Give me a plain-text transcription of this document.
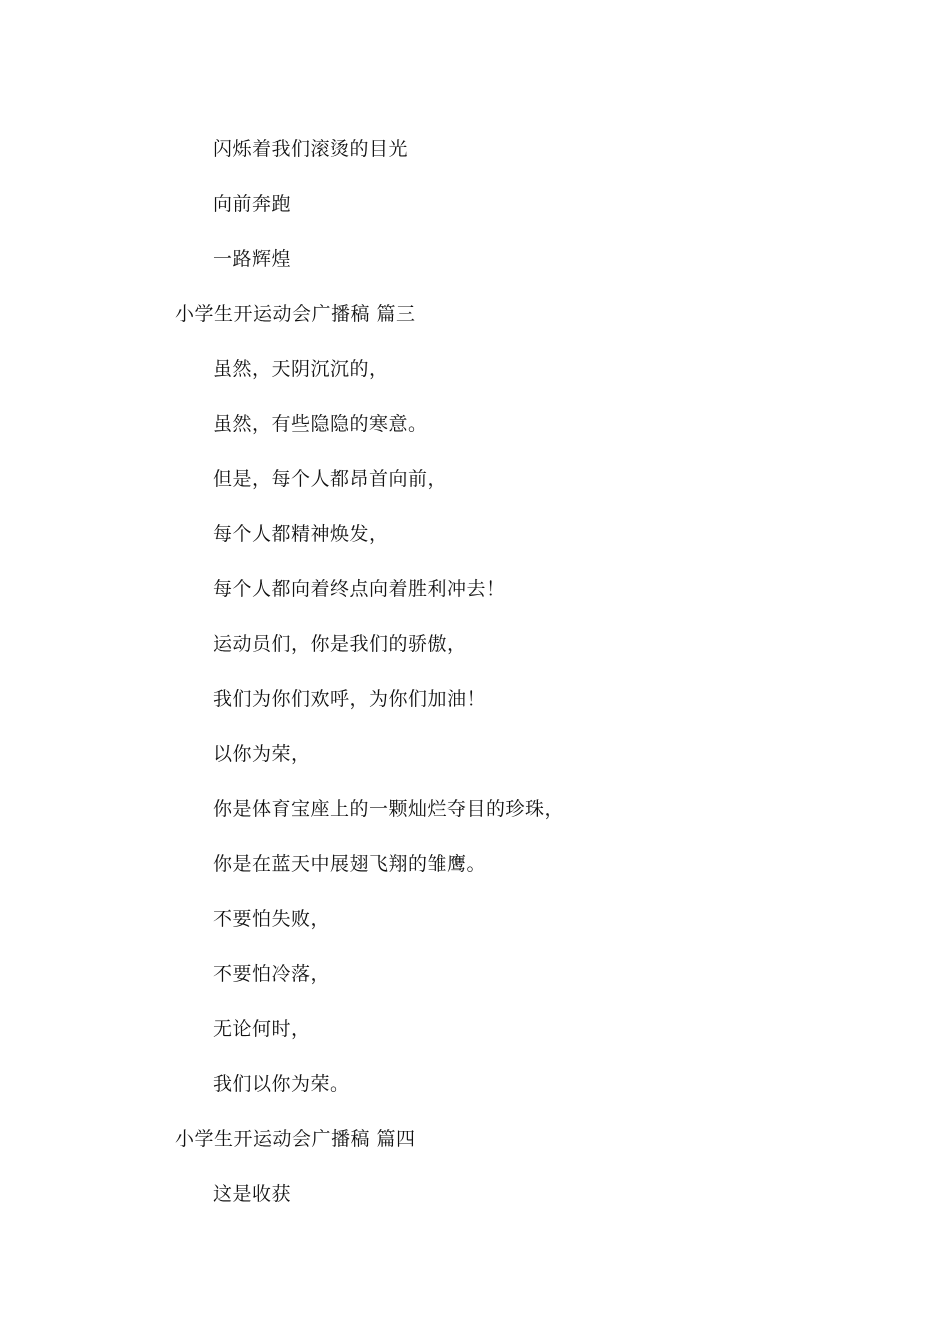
闪烁着我们滚烫的目光
向前奔跑
一路辉煌
小学生开运动会广播稿 篇三
虽然，天阴沉沉的，
虽然，有些隐隐的寒意。
但是，每个人都昂首向前，
每个人都精神焕发，
每个人都向着终点向着胜利冲去！
运动员们，你是我们的骄傲，
我们为你们欢呼，为你们加油！
以你为荣，
你是体育宝座上的一颗灿烂夺目的珍珠，
你是在蓝天中展翅飞翔的雏鹰。
不要怕失败，
不要怕冷落，
无论何时，
我们以你为荣。
小学生开运动会广播稿 篇四
这是收获
